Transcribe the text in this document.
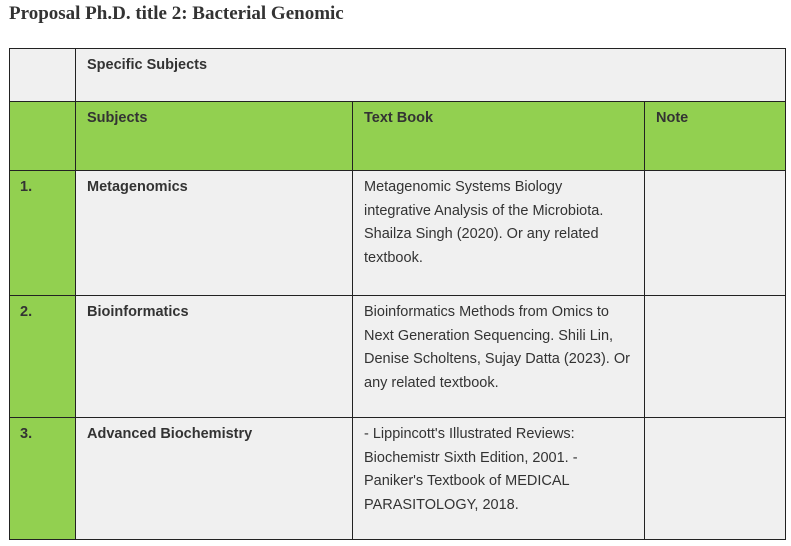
Proposal Ph.D. title 2: Bacterial Genomic
	Specific Subjects		
	Subjects	Text Book	Note
1.	Metagenomics	Metagenomic Systems Biology integrative Analysis of the Microbiota. Shailza Singh (2020). Or any related textbook.	
2.	Bioinformatics	Bioinformatics Methods from Omics to Next Generation Sequencing. Shili Lin, Denise Scholtens, Sujay Datta (2023). Or any related textbook.	
3.	Advanced Biochemistry	- Lippincott's Illustrated Reviews: Biochemistr Sixth Edition, 2001. - Paniker's Textbook of MEDICAL PARASITOLOGY, 2018.	
